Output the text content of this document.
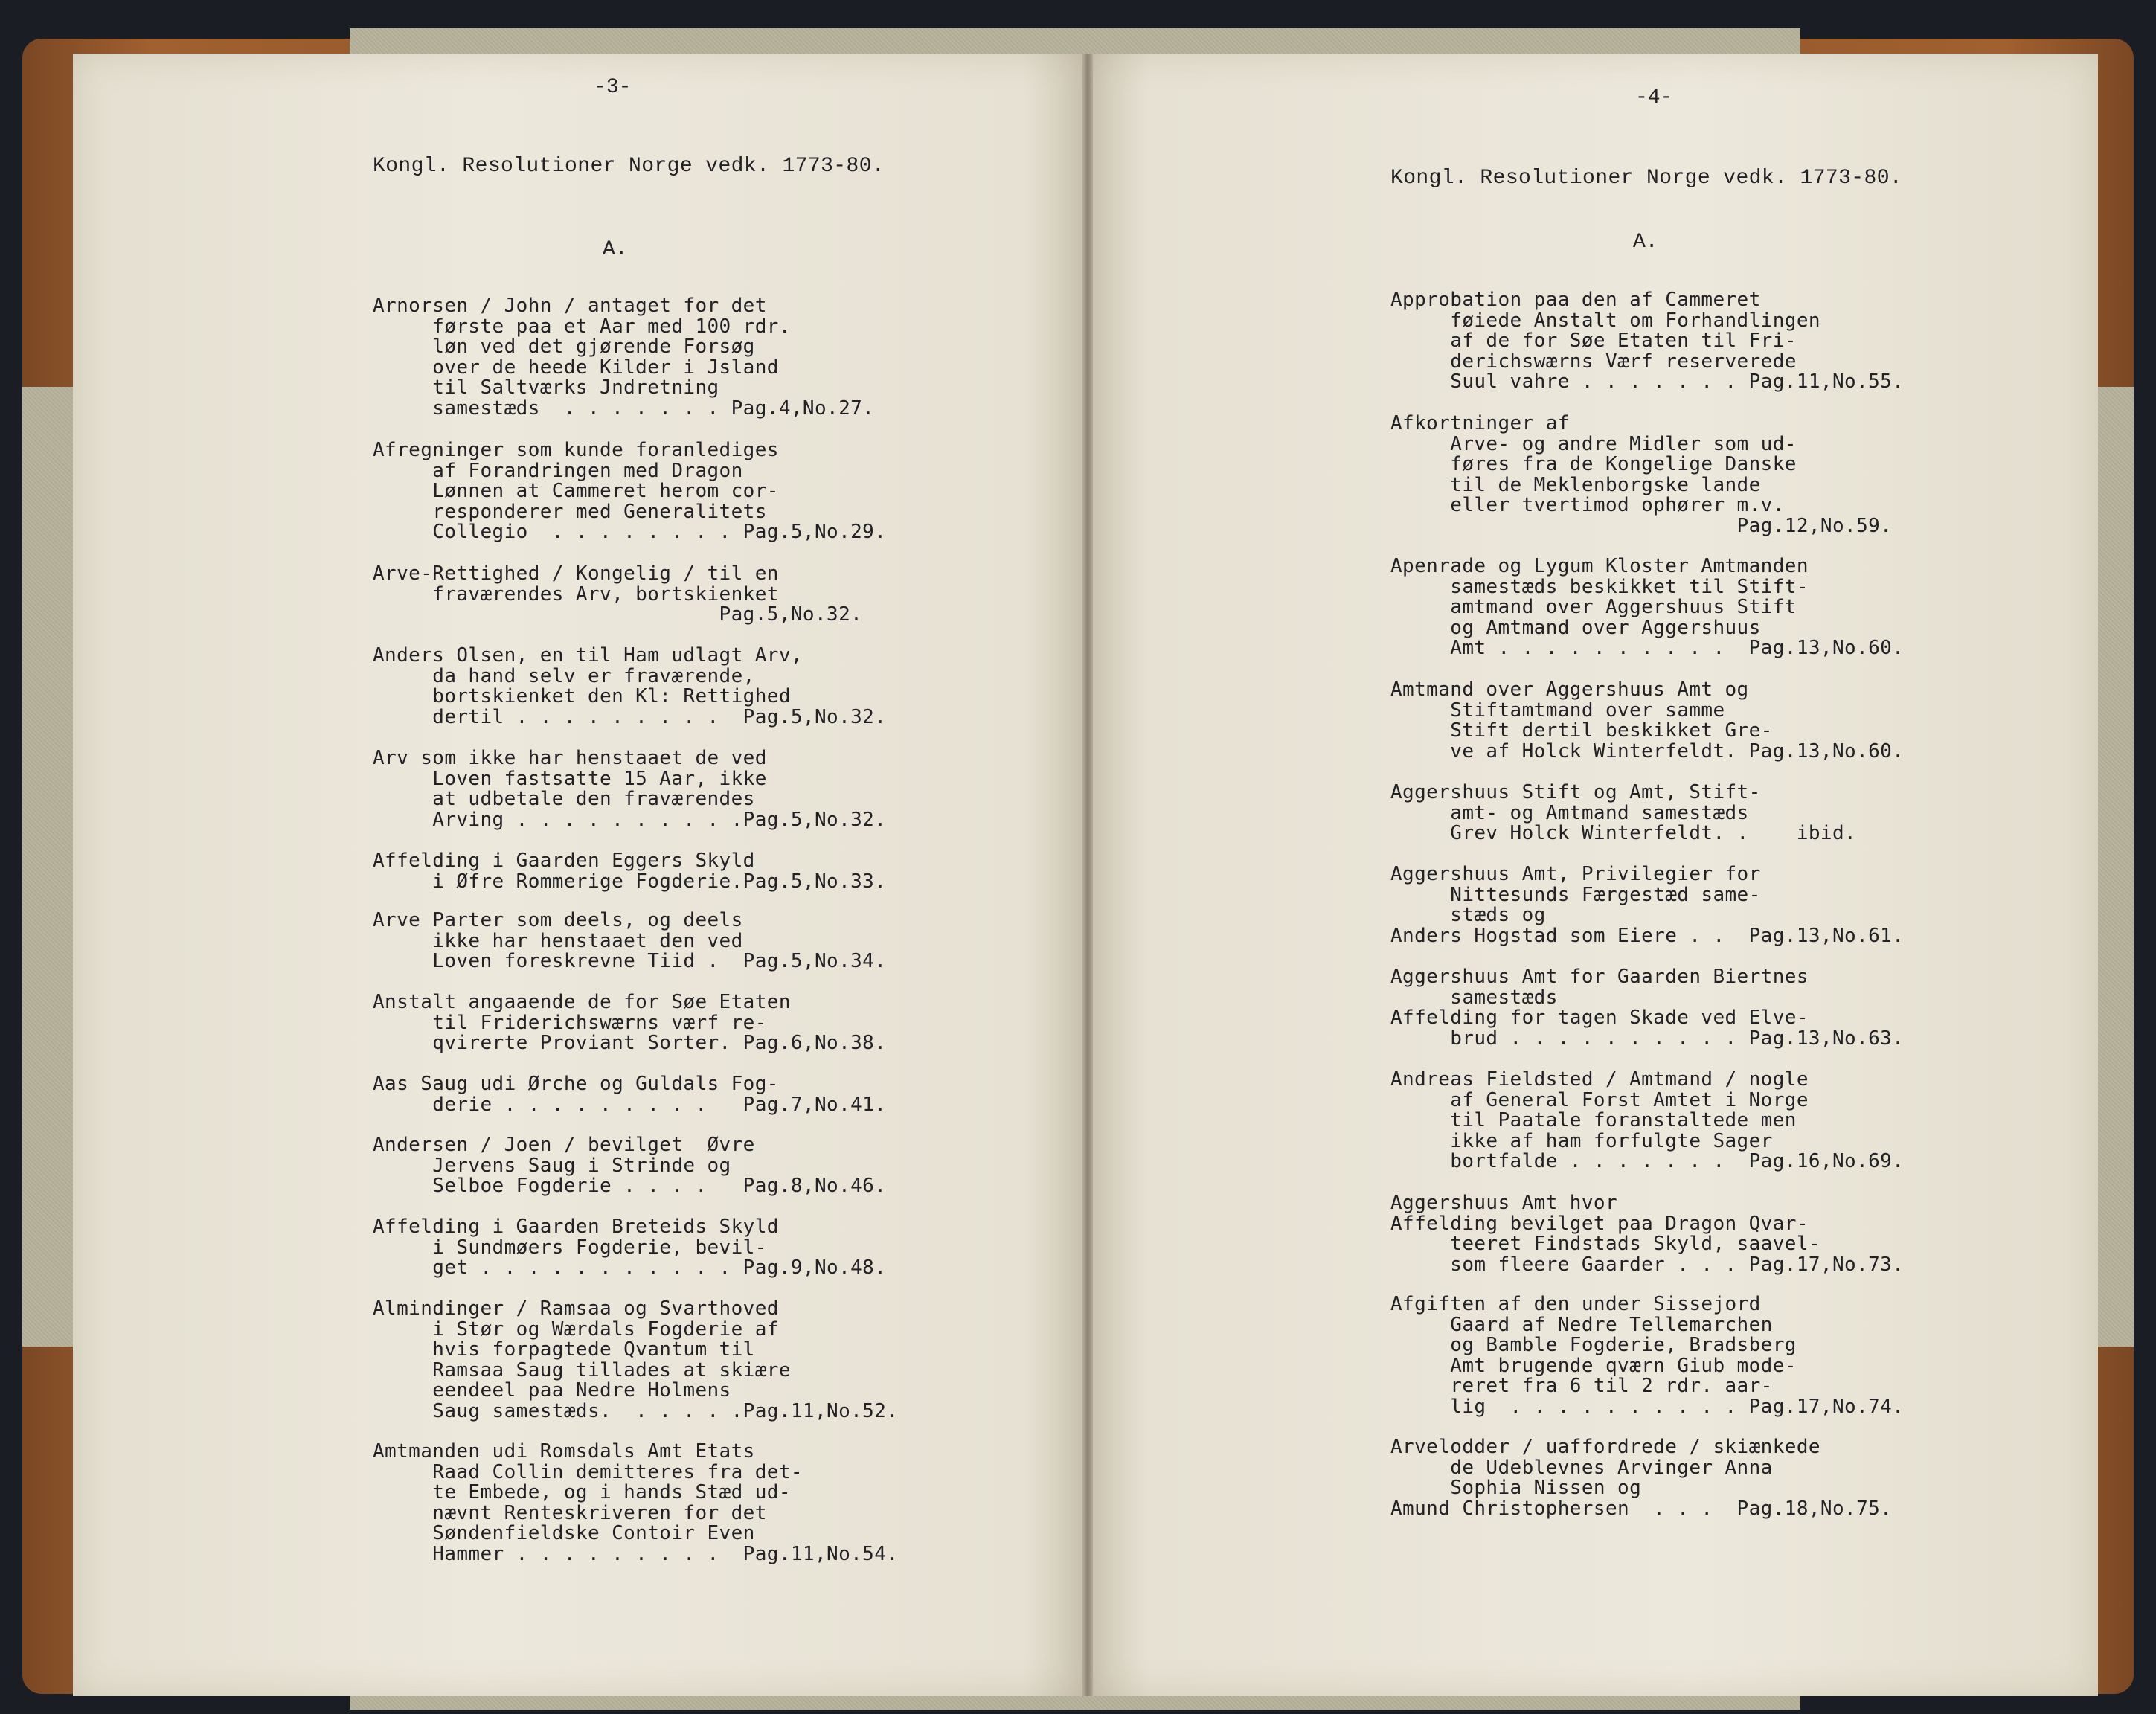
-3-

Kongl. Resolutioner Norge vedk. 1773-80.

A.

Arnorsen / John / antaget for det
første paa et Aar med 100 rdr.
løn ved det gjørende Forsøg
over de heede Kilder i Jsland
til Saltværks Jndretning
samestæds  . . . . . . . Pag.4,No.27.
Afregninger som kunde foranlediges
af Forandringen med Dragon
Lønnen at Cammeret herom cor-
responderer med Generalitets
Collegio  . . . . . . . . Pag.5,No.29.
Arve-Rettighed / Kongelig / til en
fraværendes Arv, bortskienket
Pag.5,No.32.
Anders Olsen, en til Ham udlagt Arv,
da hand selv er fraværende,
bortskienket den Kl: Rettighed
dertil . . . . . . . . .  Pag.5,No.32.
Arv som ikke har henstaaet de ved
Loven fastsatte 15 Aar, ikke
at udbetale den fraværendes
Arving . . . . . . . . . .Pag.5,No.32.
Affelding i Gaarden Eggers Skyld
i Øfre Rommerige Fogderie.Pag.5,No.33.
Arve Parter som deels, og deels
ikke har henstaaet den ved
Loven foreskrevne Tiid .  Pag.5,No.34.
Anstalt angaaende de for Søe Etaten
til Friderichswærns værf re-
qvirerte Proviant Sorter. Pag.6,No.38.
Aas Saug udi Ørche og Guldals Fog-
derie . . . . . . . . .   Pag.7,No.41.
Andersen / Joen / bevilget  Øvre
Jervens Saug i Strinde og
Selboe Fogderie . . . .   Pag.8,No.46.
Affelding i Gaarden Breteids Skyld
i Sundmøers Fogderie, bevil-
get . . . . . . . . . . . Pag.9,No.48.
Almindinger / Ramsaa og Svarthoved
i Stør og Wærdals Fogderie af
hvis forpagtede Qvantum til
Ramsaa Saug tillades at skiære
eendeel paa Nedre Holmens
Saug samestæds.  . . . . .Pag.11,No.52.
Amtmanden udi Romsdals Amt Etats
Raad Collin demitteres fra det-
te Embede, og i hands Stæd ud-
nævnt Renteskriveren for det
Søndenfieldske Contoir Even
Hammer . . . . . . . . .  Pag.11,No.54.

-4-

Kongl. Resolutioner Norge vedk. 1773-80.

A.

Approbation paa den af Cammeret
føiede Anstalt om Forhandlingen
af de for Søe Etaten til Fri-
derichswærns Værf reserverede
Suul vahre . . . . . . . Pag.11,No.55.
Afkortninger af
Arve- og andre Midler som ud-
føres fra de Kongelige Danske
til de Meklenborgske lande
eller tvertimod ophører m.v.
Pag.12,No.59.
Apenrade og Lygum Kloster Amtmanden
samestæds beskikket til Stift-
amtmand over Aggershuus Stift
og Amtmand over Aggershuus
Amt . . . . . . . . . .  Pag.13,No.60.
Amtmand over Aggershuus Amt og
Stiftamtmand over samme
Stift dertil beskikket Gre-
ve af Holck Winterfeldt. Pag.13,No.60.
Aggershuus Stift og Amt, Stift-
amt- og Amtmand samestæds
Grev Holck Winterfeldt. .    ibid.
Aggershuus Amt, Privilegier for
Nittesunds Færgestæd same-
stæds og
Anders Hogstad som Eiere . .  Pag.13,No.61.
Aggershuus Amt for Gaarden Biertnes
samestæds
Affelding for tagen Skade ved Elve-
brud . . . . . . . . . . Pag.13,No.63.
Andreas Fieldsted / Amtmand / nogle
af General Forst Amtet i Norge
til Paatale foranstaltede men
ikke af ham forfulgte Sager
bortfalde . . . . . . .  Pag.16,No.69.
Aggershuus Amt hvor
Affelding bevilget paa Dragon Qvar-
teeret Findstads Skyld, saavel-
som fleere Gaarder . . . Pag.17,No.73.
Afgiften af den under Sissejord
Gaard af Nedre Tellemarchen
og Bamble Fogderie, Bradsberg
Amt brugende qværn Giub mode-
reret fra 6 til 2 rdr. aar-
lig  . . . . . . . . . . Pag.17,No.74.
Arvelodder / uaffordrede / skiænkede
de Udeblevnes Arvinger Anna
Sophia Nissen og
Amund Christophersen  . . .  Pag.18,No.75.
